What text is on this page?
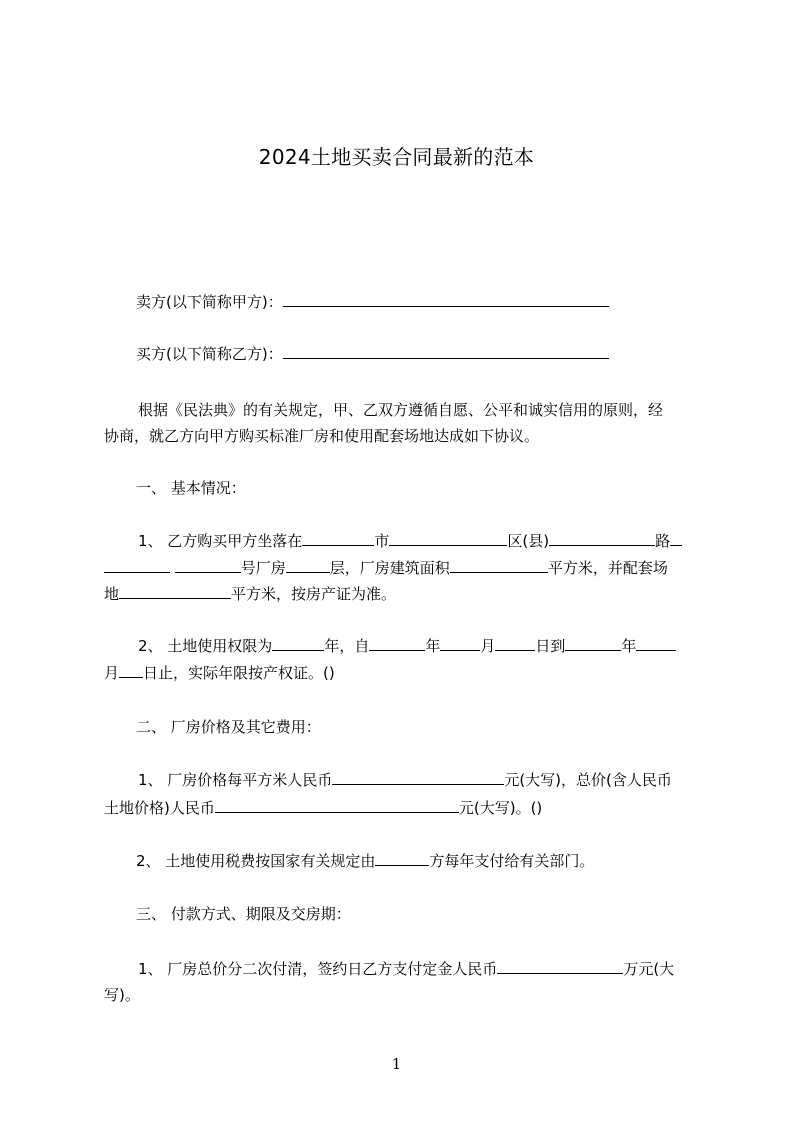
2024土地买卖合同最新的范本
卖方(以下简称甲方)：
买方(以下简称乙方)：
根据《民法典》的有关规定，甲、乙双方遵循自愿、公平和诚实信用的原则，经
协商，就乙方向甲方购买标准厂房和使用配套场地达成如下协议。
一、 基本情况：
1、 乙方购买甲方坐落在	市	区(县)	路
号厂房	层，厂房建筑面积	平方米，并配套场
地	平方米，按房产证为准。
2、 土地使用权限为	年，自	年	月	日到	年
月 日止，实际年限按产权证。()
二、 厂房价格及其它费用：
1、 厂房价格每平方米人民币	元(大写)，总价(含人民币
土地价格)人民币	元(大写)。()
2、 土地使用税费按国家有关规定由	方每年支付给有关部门。
三、 付款方式、期限及交房期：
1、 厂房总价分二次付清，签约日乙方支付定金人民币	万元(大
写)。
1
